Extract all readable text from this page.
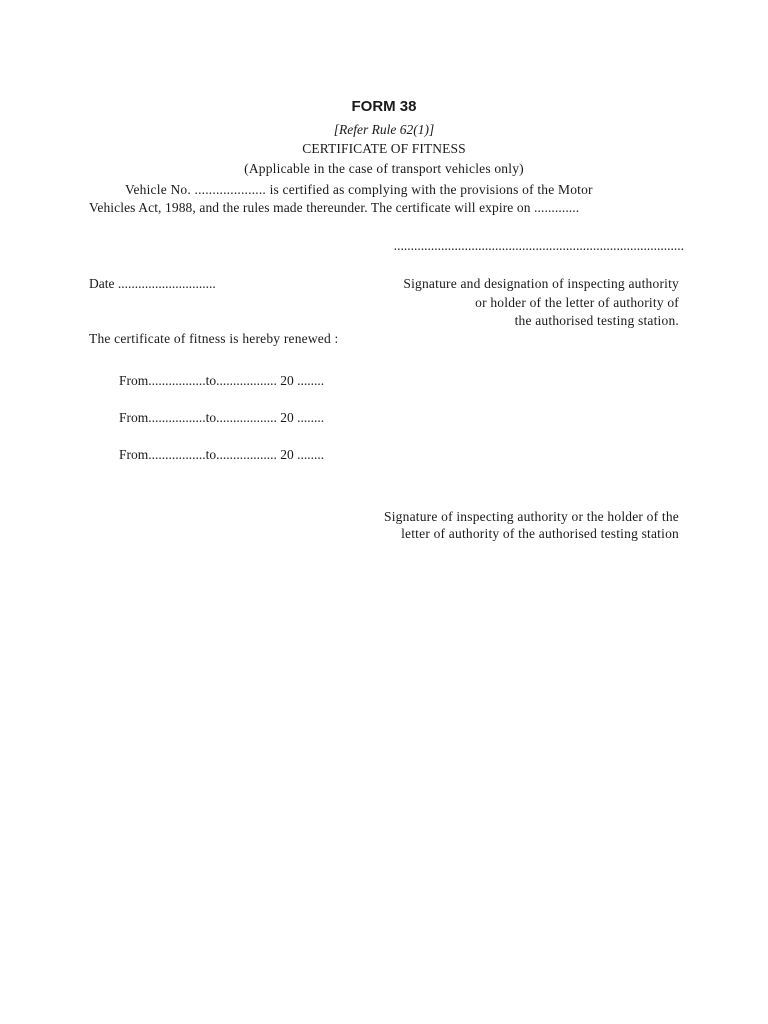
FORM 38
[Refer Rule 62(1)]
CERTIFICATE OF FITNESS
(Applicable in the case of transport vehicles only)
Vehicle No. .................... is certified as complying with the provisions of the Motor
Vehicles Act, 1988, and the rules made thereunder. The certificate will expire on .............
......................................................................................
Date .............................	Signature and designation of inspecting authority
or holder of the letter of authority of
the authorised testing station.
The certificate of fitness is hereby renewed :
From.................to.................. 20 ........
From.................to.................. 20 ........
From.................to.................. 20 ........
Signature of inspecting authority or the holder of the
letter of authority of the authorised testing station
